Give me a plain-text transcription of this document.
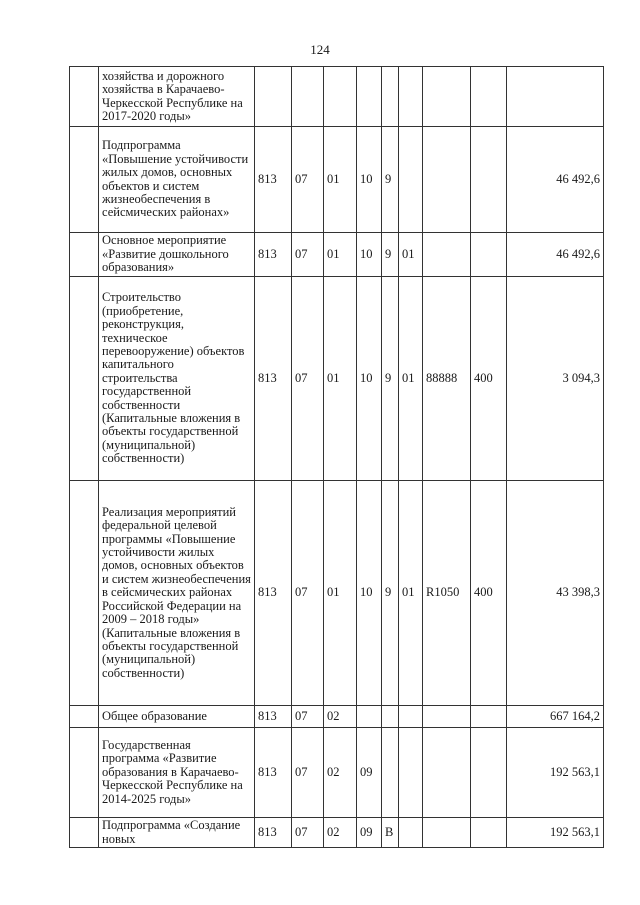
124
	хозяйства и дорожного хозяйства в Карачаево-Черкесской Республике на 2017-2020 годы»									
	Подпрограмма «Повышение устойчивости жилых домов, основных объектов и систем жизнеобеспечения в сейсмических районах»	813	07	01	10	9				46 492,6
	Основное мероприятие «Развитие дошкольного образования»	813	07	01	10	9	01			46 492,6
	Строительство (приобретение, реконструкция, техническое перевооружение) объектов капитального строительства государственной собственности (Капитальные вложения в объекты государственной (муниципальной) собственности)	813	07	01	10	9	01	88888	400	3 094,3
	Реализация мероприятий федеральной целевой программы «Повышение устойчивости жилых домов, основных объектов и систем жизнеобеспечения в сейсмических районах Российской Федерации на 2009 – 2018 годы» (Капитальные вложения в объекты государственной (муниципальной) собственности)	813	07	01	10	9	01	R1050	400	43 398,3
	Общее образование	813	07	02						667 164,2
	Государственная программа «Развитие образования в Карачаево-Черкесской Республике на 2014-2025 годы»	813	07	02	09					192 563,1
	Подпрограмма «Создание новых	813	07	02	09	В				192 563,1
